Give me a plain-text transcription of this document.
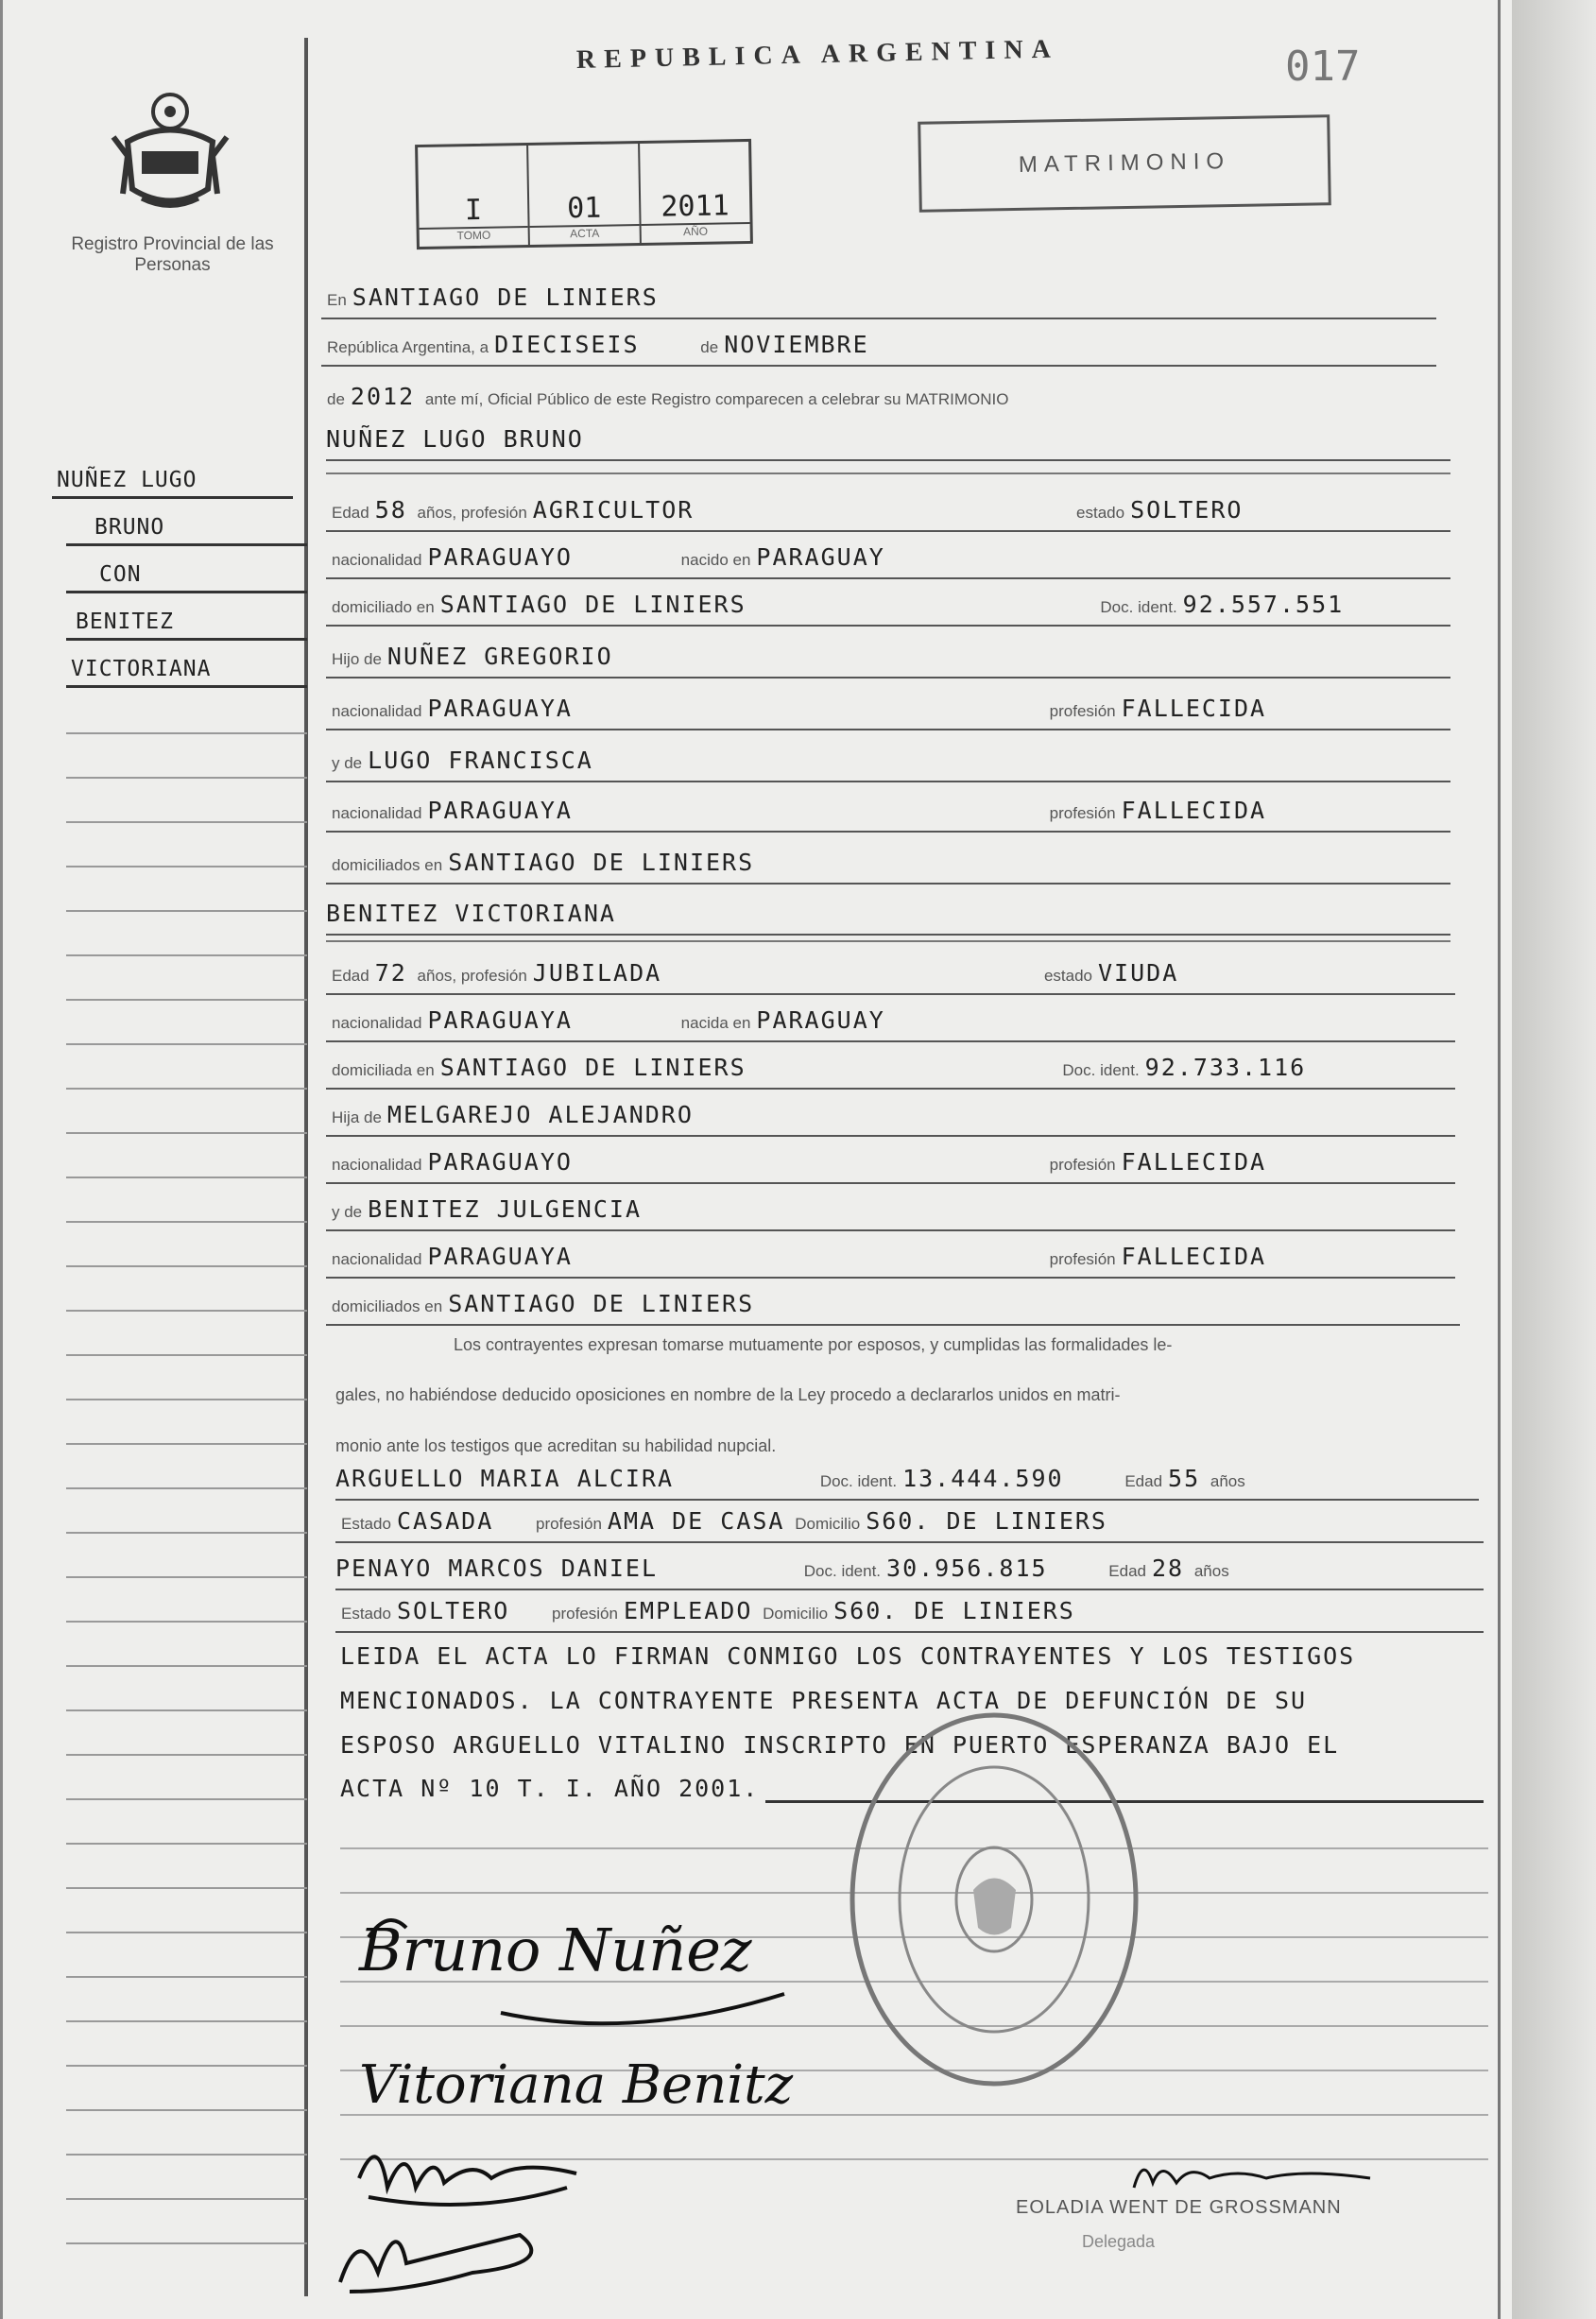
Registro Provincial de las Personas
REPUBLICA ARGENTINA	017
I
TOMO
01
ACTA
2011
AÑO
MATRIMONIO
NUÑEZ LUGO
BRUNO
CON
BENITEZ
VICTORIANA
En SANTIAGO DE LINIERS
República Argentina, a DIECISEIS	de NOVIEMBRE
de 2012 ante mí, Oficial Público de este Registro comparecen a celebrar su MATRIMONIO
NUÑEZ LUGO BRUNO
Edad 58 años, profesión AGRICULTOR	estado SOLTERO
nacionalidad PARAGUAYO	nacido en PARAGUAY
domiciliado en SANTIAGO DE LINIERS	Doc. ident. 92.557.551
Hijo de NUÑEZ GREGORIO
nacionalidad PARAGUAYA	profesión FALLECIDA
y de LUGO FRANCISCA
nacionalidad PARAGUAYA	profesión FALLECIDA
domiciliados en SANTIAGO DE LINIERS
BENITEZ VICTORIANA
Edad 72 años, profesión JUBILADA	estado VIUDA
nacionalidad PARAGUAYA	nacida en PARAGUAY
domiciliada en SANTIAGO DE LINIERS	Doc. ident. 92.733.116
Hija de MELGAREJO ALEJANDRO
nacionalidad PARAGUAYO	profesión FALLECIDA
y de BENITEZ JULGENCIA
nacionalidad PARAGUAYA	profesión FALLECIDA
domiciliados en SANTIAGO DE LINIERS
Los contrayentes expresan tomarse mutuamente por esposos, y cumplidas las formalidades le-
gales, no habiéndose deducido oposiciones en nombre de la Ley procedo a declararlos unidos en matri-
monio ante los testigos que acreditan su habilidad nupcial.
ARGUELLO MARIA ALCIRA	Doc. ident. 13.444.590	Edad 55 años
Estado CASADA	profesión AMA DE CASA Domicilio S60. DE LINIERS
PENAYO MARCOS DANIEL	Doc. ident. 30.956.815	Edad 28 años
Estado SOLTERO	profesión EMPLEADO Domicilio S60. DE LINIERS
LEIDA EL ACTA LO FIRMAN CONMIGO LOS CONTRAYENTES Y LOS TESTIGOS
MENCIONADOS. LA CONTRAYENTE PRESENTA ACTA DE DEFUNCIÓN DE SU
ESPOSO ARGUELLO VITALINO INSCRIPTO EN PUERTO ESPERANZA BAJO EL
ACTA Nº 10 T. I. AÑO 2001.
Bruno Nuñez
Vitoriana Benitz
EOLADIA WENT DE GROSSMANN
Delegada
